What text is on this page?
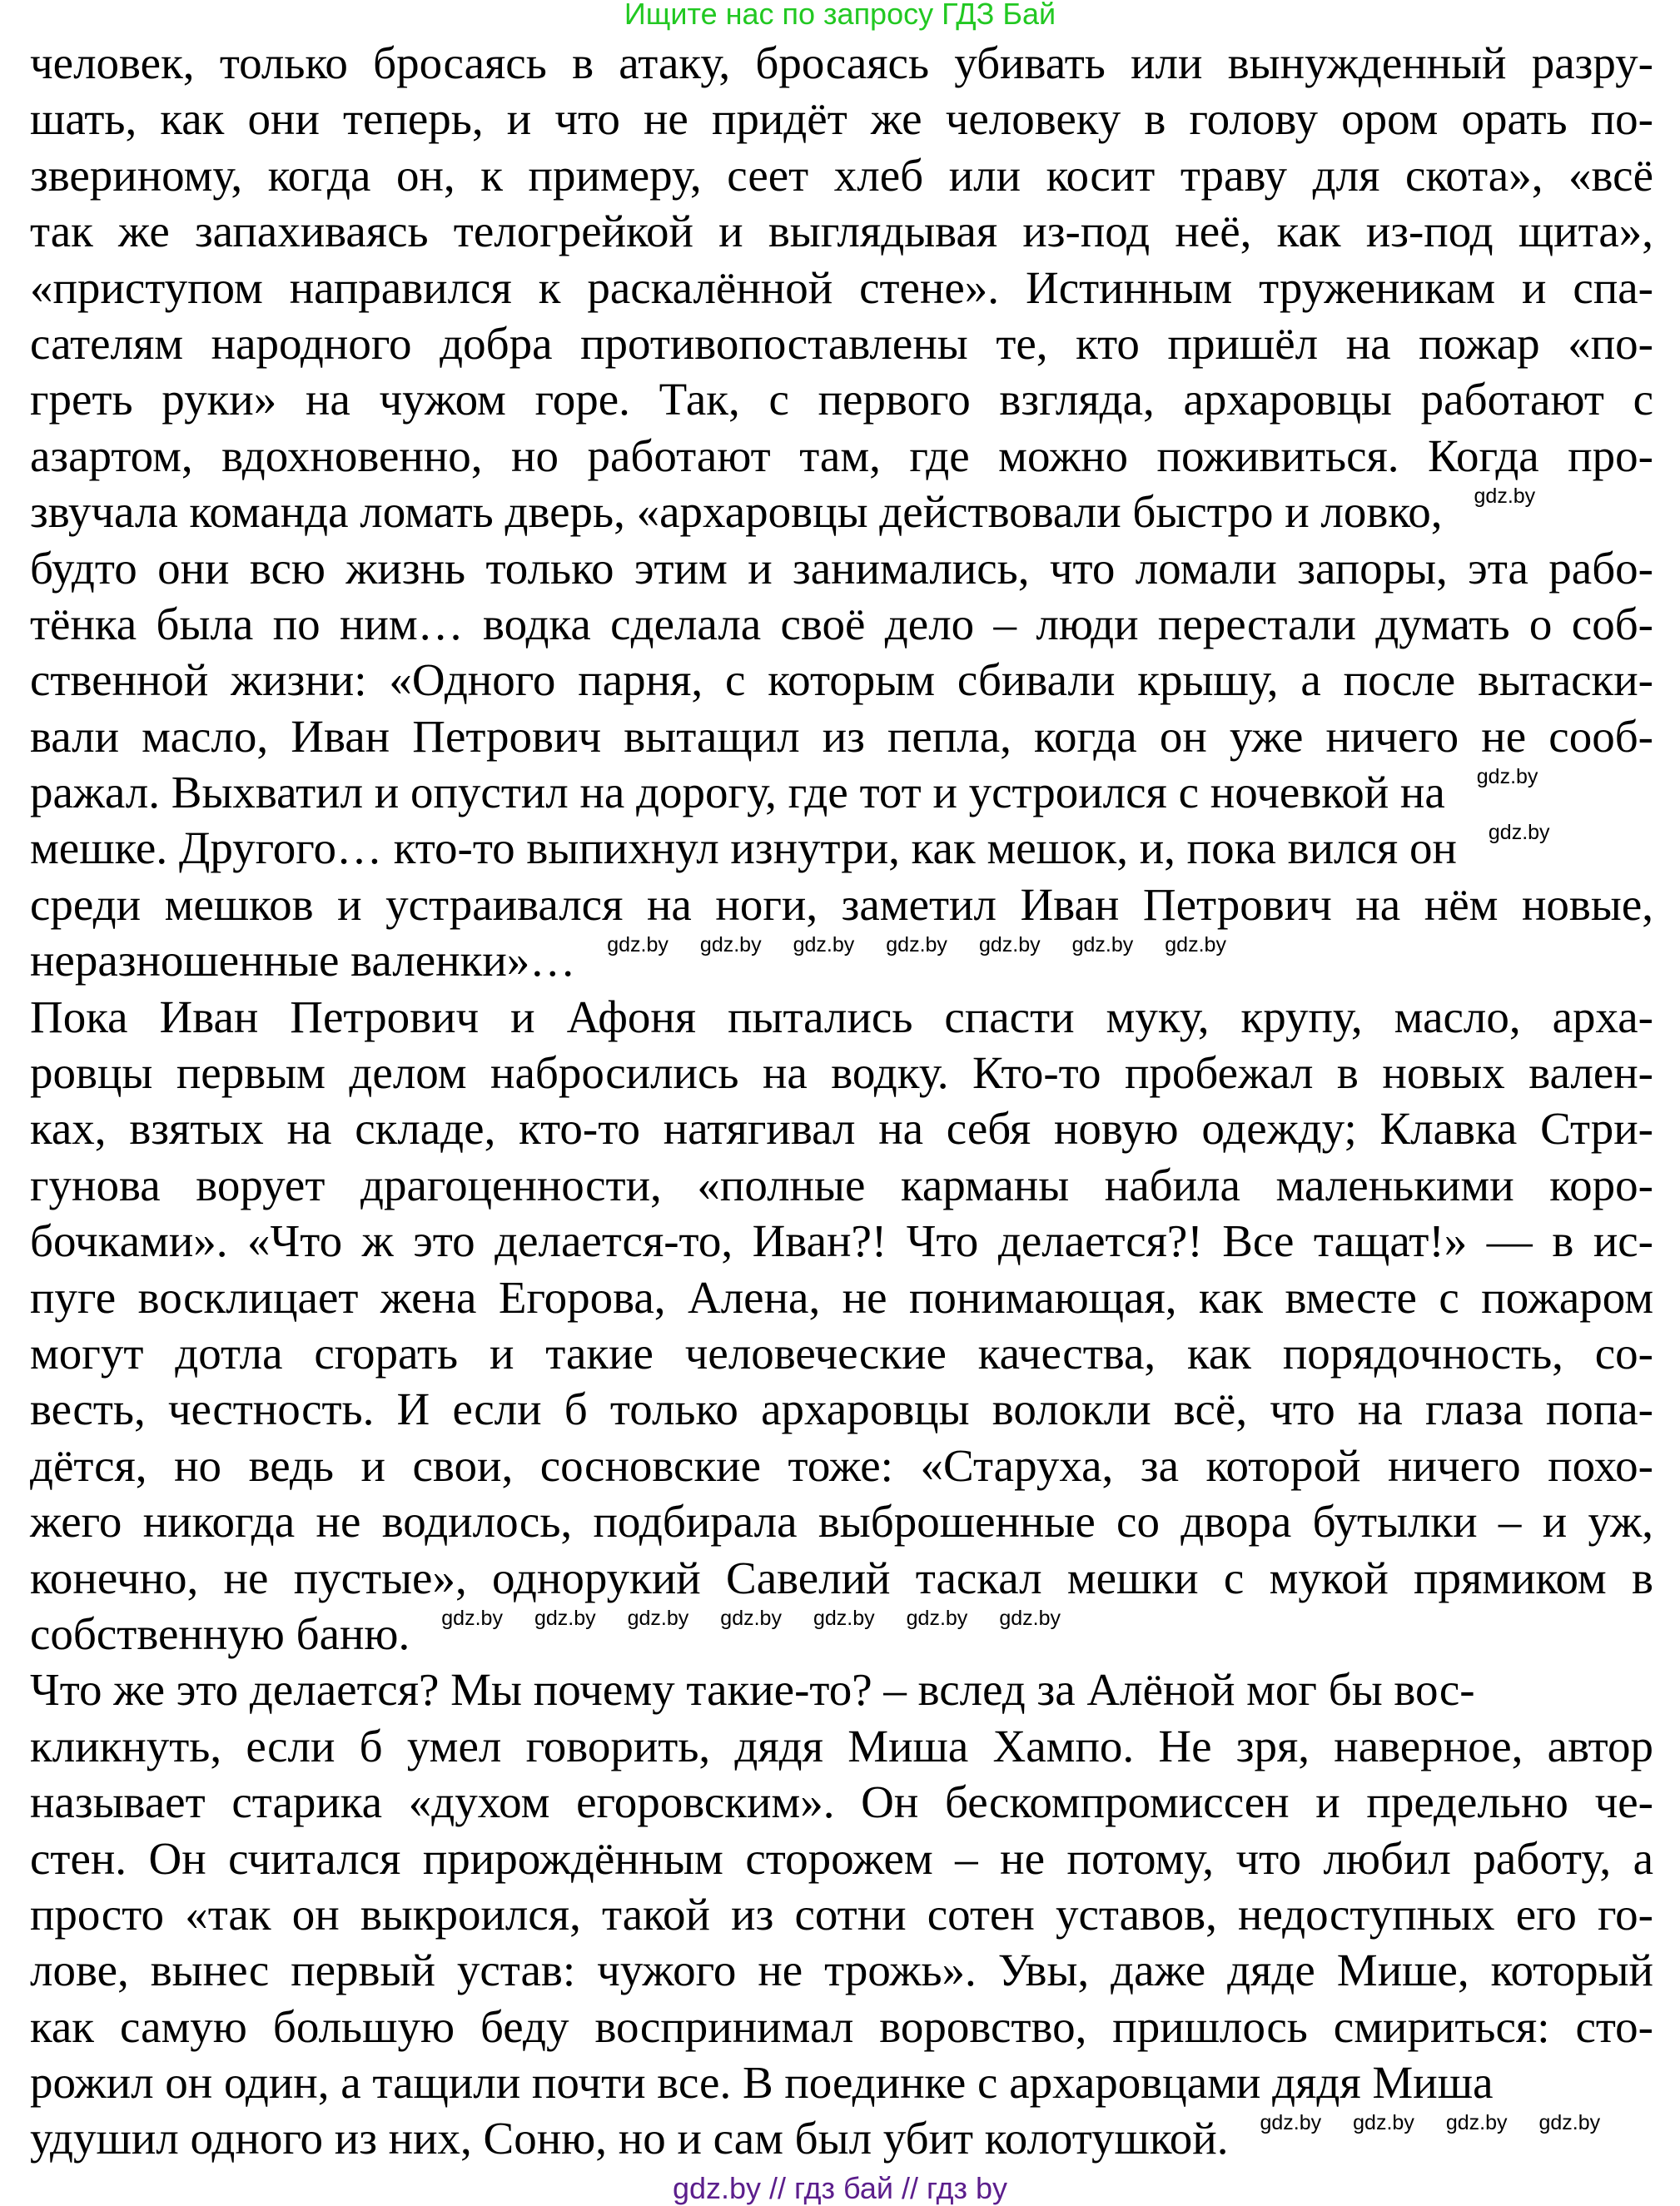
Ищите нас по запросу ГДЗ Бай
человек, только бросаясь в атаку, бросаясь убивать или вынужденный разру-
шать, как они теперь, и что не придёт же человеку в голову ором орать по-
звериному, когда он, к примеру, сеет хлеб или косит траву для скота», «всё
так же запахиваясь телогрейкой и выглядывая из-под неё, как из-под щита»,
«приступом направился к раскалённой стене». Истинным труженикам и спа-
сателям народного добра противопоставлены те, кто пришёл на пожар «по-
греть руки» на чужом горе. Так, с первого взгляда, архаровцы работают с
азартом, вдохновенно, но работают там, где можно поживиться. Когда про-
звучала команда ломать дверь, «архаровцы действовали быстро и ловко, gdz.by
будто они всю жизнь только этим и занимались, что ломали запоры, эта рабо-
тёнка была по ним… водка сделала своё дело – люди перестали думать о соб-
ственной жизни: «Одного парня, с которым сбивали крышу, а после вытаски-
вали масло, Иван Петрович вытащил из пепла, когда он уже ничего не сооб-
ражал. Выхватил и опустил на дорогу, где тот и устроился с ночевкой на gdz.by
мешке. Другого… кто-то выпихнул изнутри, как мешок, и, пока вился он gdz.by
среди мешков и устраивался на ноги, заметил Иван Петрович на нём новые,
неразношенные валенки»… gdz.by gdz.by gdz.by gdz.by gdz.by gdz.by gdz.by
Пока Иван Петрович и Афоня пытались спасти муку, крупу, масло, арха-
ровцы первым делом набросились на водку. Кто-то пробежал в новых вален-
ках, взятых на складе, кто-то натягивал на себя новую одежду; Клавка Стри-
гунова ворует драгоценности, «полные карманы набила маленькими коро-
бочками». «Что ж это делается-то, Иван?! Что делается?! Все тащат!» — в ис-
пуге восклицает жена Егорова, Алена, не понимающая, как вместе с пожаром
могут дотла сгорать и такие человеческие качества, как порядочность, со-
весть, честность. И если б только архаровцы волокли всё, что на глаза попа-
дётся, но ведь и свои, сосновские тоже: «Старуха, за которой ничего похо-
жего никогда не водилось, подбирала выброшенные со двора бутылки – и уж,
конечно, не пустые», однорукий Савелий таскал мешки с мукой прямиком в
собственную баню. gdz.by gdz.by gdz.by gdz.by gdz.by gdz.by gdz.by
Что же это делается? Мы почему такие-то? – вслед за Алёной мог бы вос-
кликнуть, если б умел говорить, дядя Миша Хампо. Не зря, наверное, автор
называет старика «духом егоровским». Он бескомпромиссен и предельно че-
стен. Он считался прирождённым сторожем – не потому, что любил работу, а
просто «так он выкроился, такой из сотни сотен уставов, недоступных его го-
лове, вынес первый устав: чужого не трожь». Увы, даже дяде Мише, который
как самую большую беду воспринимал воровство, пришлось смириться: сто-
рожил он один, а тащили почти все. В поединке с архаровцами дядя Миша
удушил одного из них, Соню, но и сам был убит колотушкой. gdz.by gdz.by gdz.by gdz.by
gdz.by // гдз бай // гдз by
